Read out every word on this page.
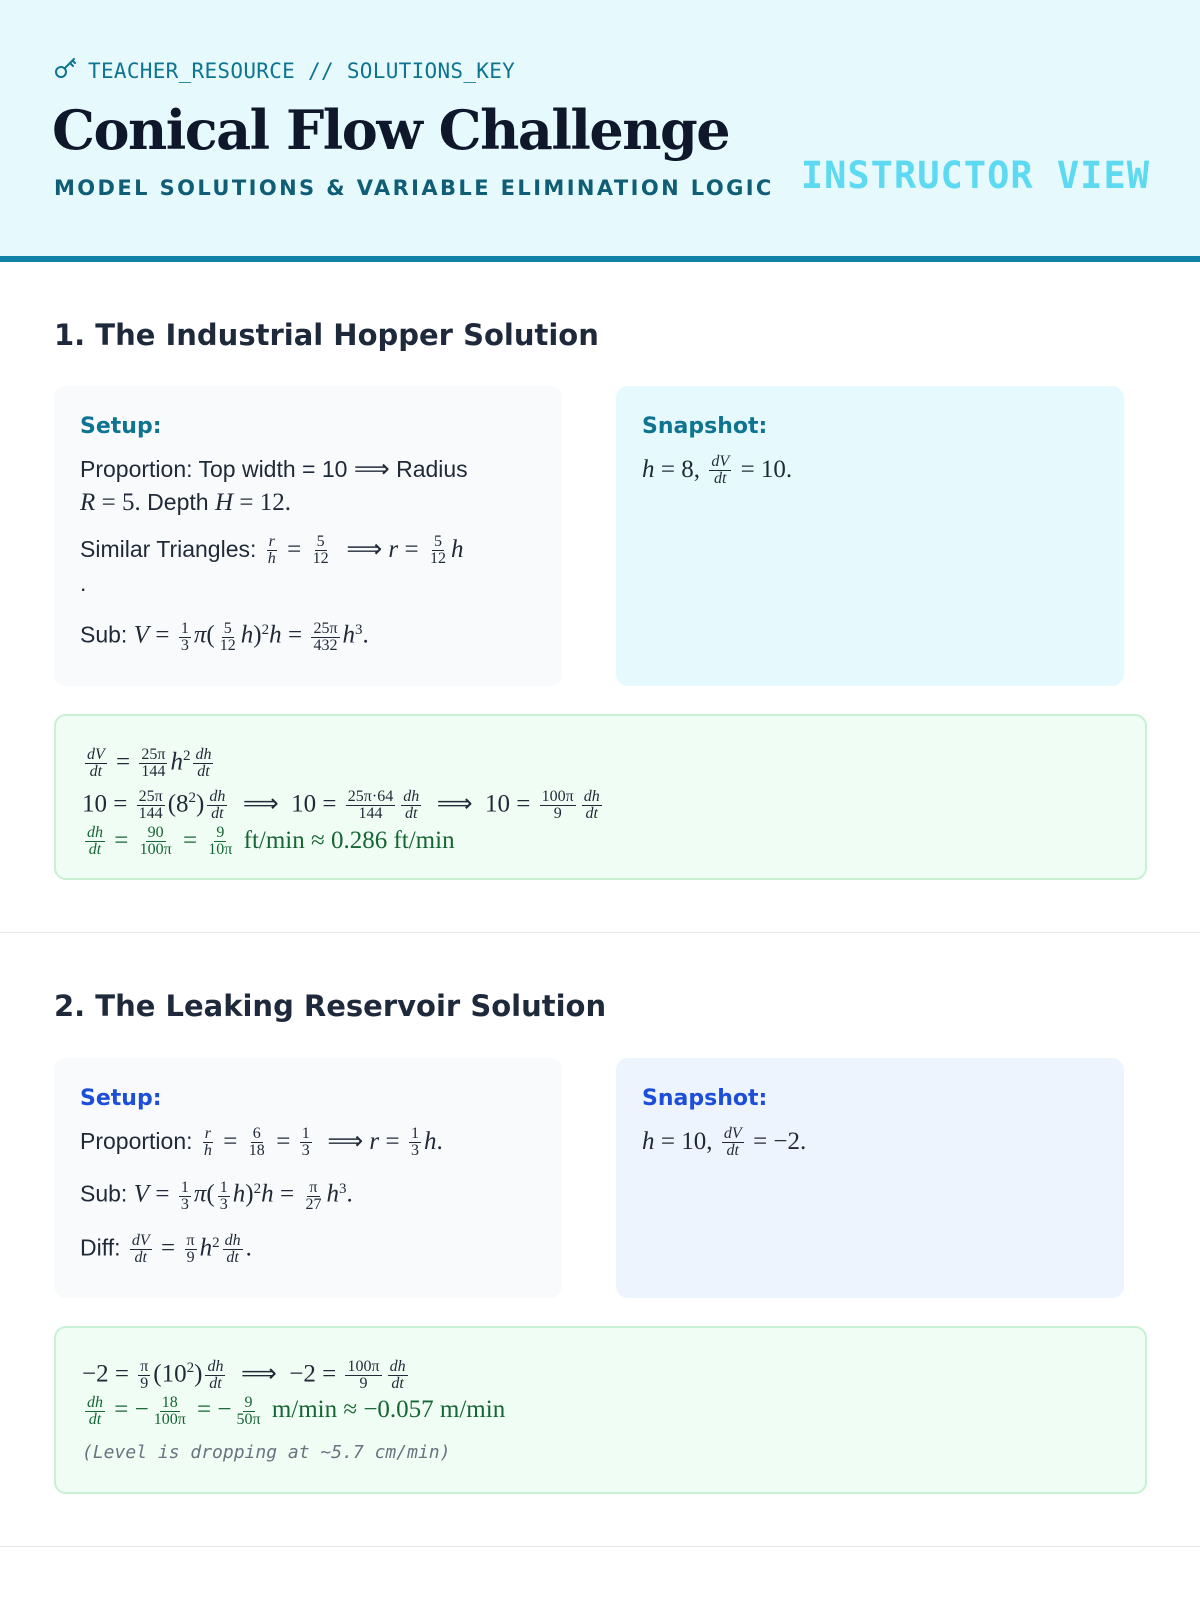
TEACHER_RESOURCE // SOLUTIONS_KEY
Conical Flow Challenge
MODEL SOLUTIONS & VARIABLE ELIMINATION LOGIC INSTRUCTOR VIEW
1. The Industrial Hopper Solution
Setup:
Proportion: Top width = 10 ⟹ Radius
R = 5. Depth H = 12.
Similar Triangles: $\frac{r}{h} = \frac{5}{12}$ ⟹ $r = \frac{5}{12}$ h
.
Sub: $V = \frac{1}{3} \pi( \frac{5}{12} h)^2h = \frac{25\pi}{432} h^3$.
Snapshot:
h = 8, $\frac{dV}{dt} = 10$.
$\frac{dV}{dt} = \frac{25\pi}{144} h^2 \frac{dh}{dt}$
$10 = \frac{25\pi}{144} (8^2) \frac{dh}{dt}$ ⟹  $10 = \frac{25\pi\cdot 64}{144} \frac{dh}{dt}$ ⟹  $10 = \frac{100\pi}{9} \frac{dh}{dt}$
$\frac{dh}{dt} = \frac{90}{100\pi} = \frac{9}{10\pi} ft/\min \approx 0.286$ ft/min
2. The Leaking Reservoir Solution
Setup:
Proportion: $\frac{r}{h} = \frac{6}{18} = \frac{1}{3}$ ⟹ $r = \frac{1}{3} h$.
Sub: $V = \frac{1}{3} \pi( \frac{1}{3} h)^2h = \frac{\pi}{27} h^3$.
Diff: $\frac{dV}{dt} = \frac{\pi}{9} h^2 \frac{dh}{dt}$ .
Snapshot:
h = 10, $\frac{dV}{dt} = -2$.
$-2 = \frac{\pi}{9} (10^2) \frac{dh}{dt}$ ⟹  $-2 = \frac{100\pi}{9} \frac{dh}{dt}$
$\frac{dh}{dt}$ = − $\frac{18}{100\pi}$ = − $\frac{9}{50\pi} m/\min \approx -0.057$ m/min
(Level is dropping at ~5.7 cm/min)
